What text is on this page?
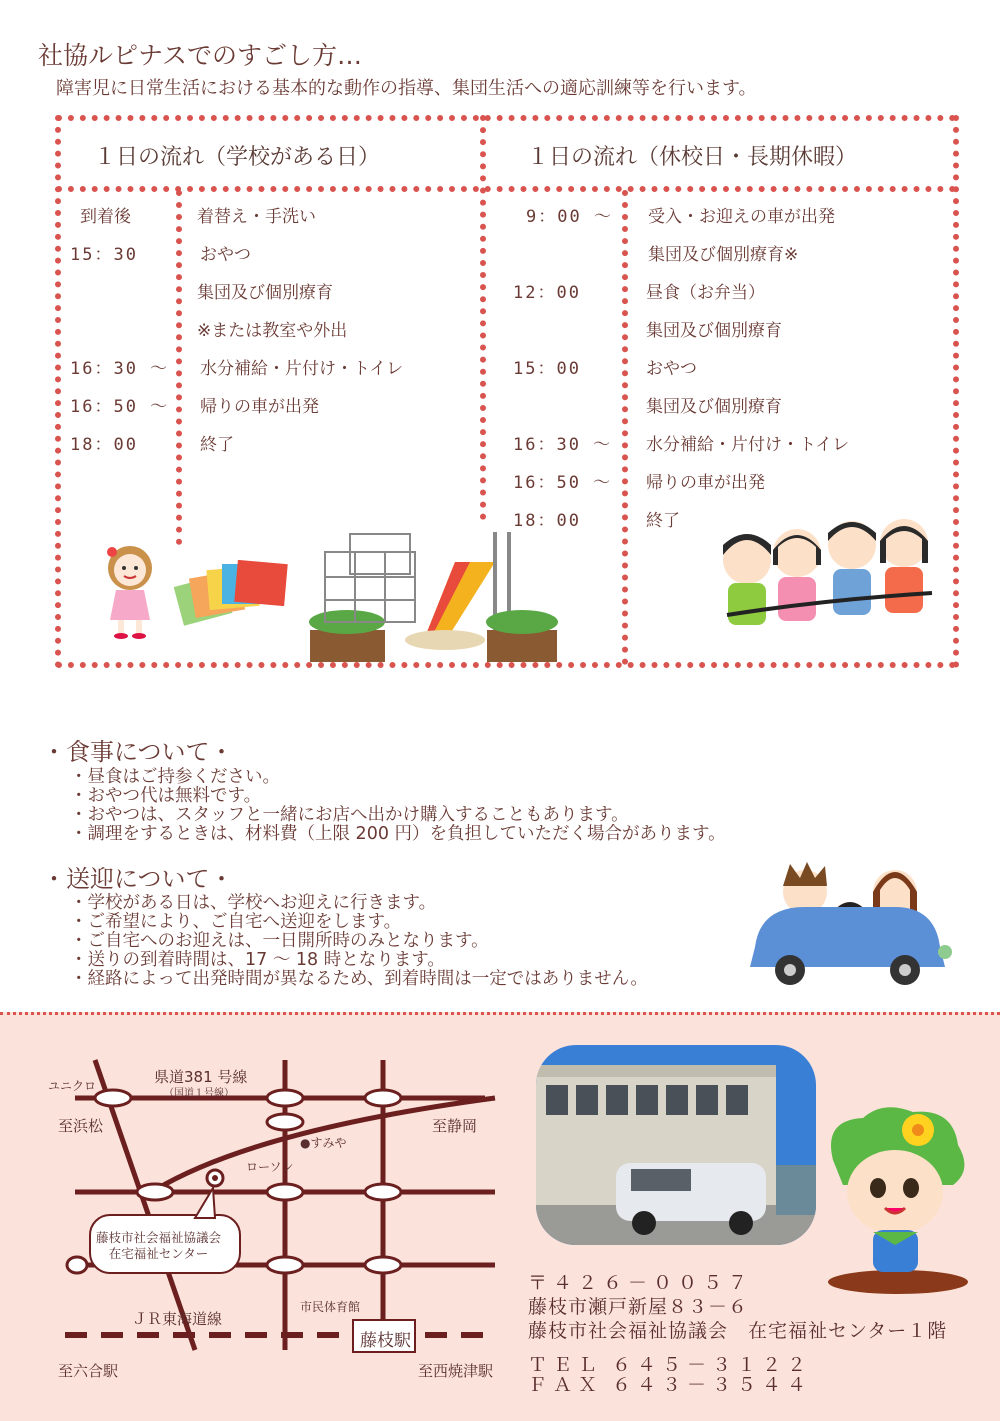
社協ルピナスでのすごし方…
障害児に日常生活における基本的な動作の指導、集団生活への適応訓練等を行います。
１日の流れ（学校がある日）	１日の流れ（休校日・長期休暇）
到着後	着替え・手洗い
15：30	おやつ
集団及び個別療育
※または教室や外出
16：30 ～ 水分補給・片付け・トイレ
16：50 ～ 帰りの車が出発
18：00	終了
9：00 ～ 受入・お迎えの車が出発
集団及び個別療育※
12：00	昼食（お弁当）
集団及び個別療育
15：00	おやつ
集団及び個別療育
16：30 ～ 水分補給・片付け・トイレ
16：50 ～ 帰りの車が出発
18：00	終了
・食事について・
・昼食はご持参ください。
・おやつ代は無料です。
・おやつは、スタッフと一緒にお店へ出かけ購入することもあります。
・調理をするときは、材料費（上限 200 円）を負担していただく場合があります。
・送迎について・
・学校がある日は、学校へお迎えに行きます。
・ご希望により、ご自宅へ送迎をします。
・ご自宅へのお迎えは、一日開所時のみとなります。
・送りの到着時間は、17 ～ 18 時となります。
・経路によって出発時間が異なるため、到着時間は一定ではありません。
ユニクロ	県道381 号線
（国道１号線）
至浜松	至静岡
●すみや
ローソン
藤枝市社会福祉協議会
在宅福祉センター
ＪＲ東海道線
市民体育館
藤枝駅
至六合駅	至西焼津駅
〒４２６－００５７
藤枝市瀬戸新屋８３－６
藤枝市社会福祉協議会　在宅福祉センター１階
ＴＥＬ ６４５－３１２２
ＦＡＸ ６４３－３５４４
